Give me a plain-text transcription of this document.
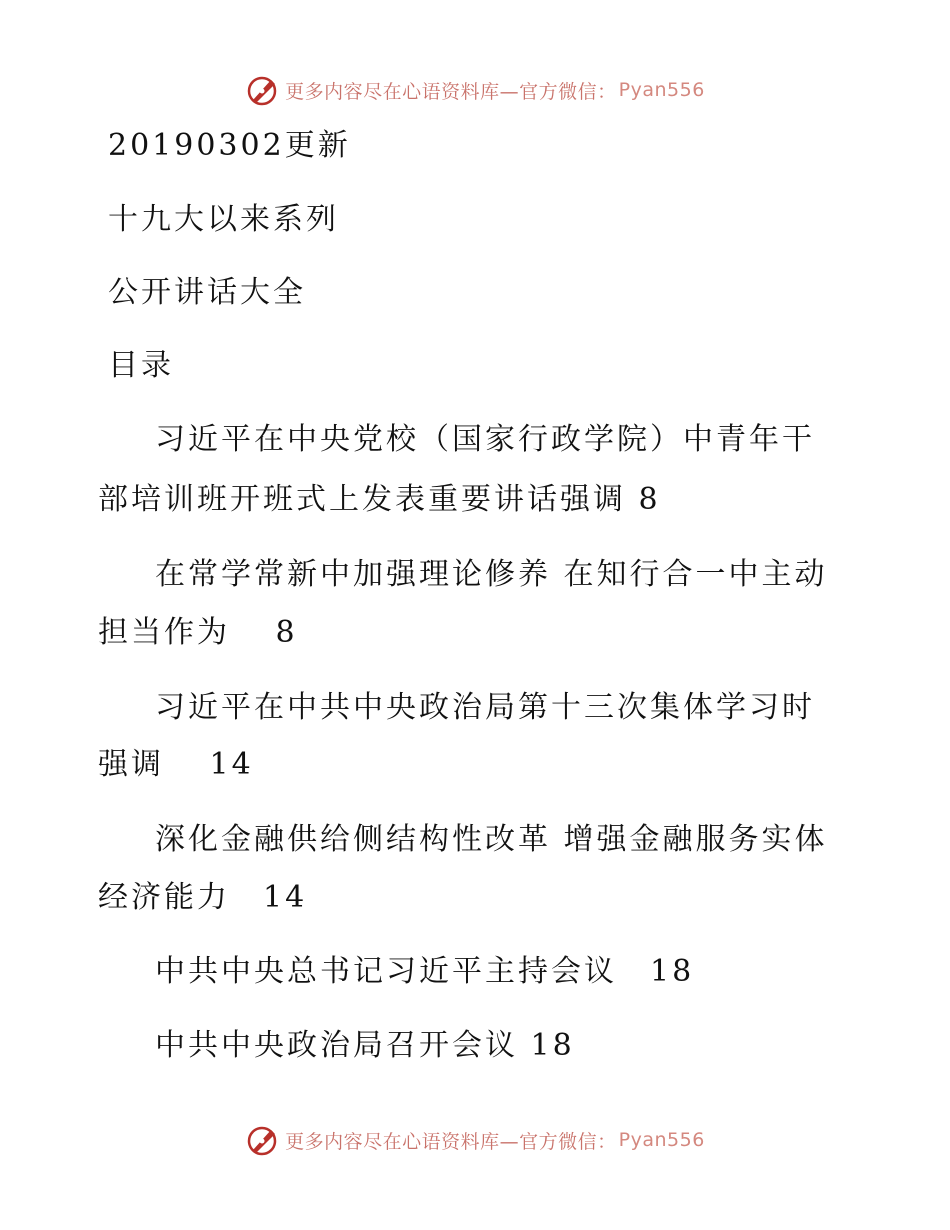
更多内容尽在心语资料库—官方微信： Pyan556
20190302更新
十九大以来系列
公开讲话大全
目录
习近平在中央党校（国家行政学院）中青年干
部培训班开班式上发表重要讲话强调 8
在常学常新中加强理论修养 在知行合一中主动
担当作为　 8
习近平在中共中央政治局第十三次集体学习时
强调　 14
深化金融供给侧结构性改革 增强金融服务实体
经济能力　14
中共中央总书记习近平主持会议　18
中共中央政治局召开会议 18
更多内容尽在心语资料库—官方微信： Pyan556
